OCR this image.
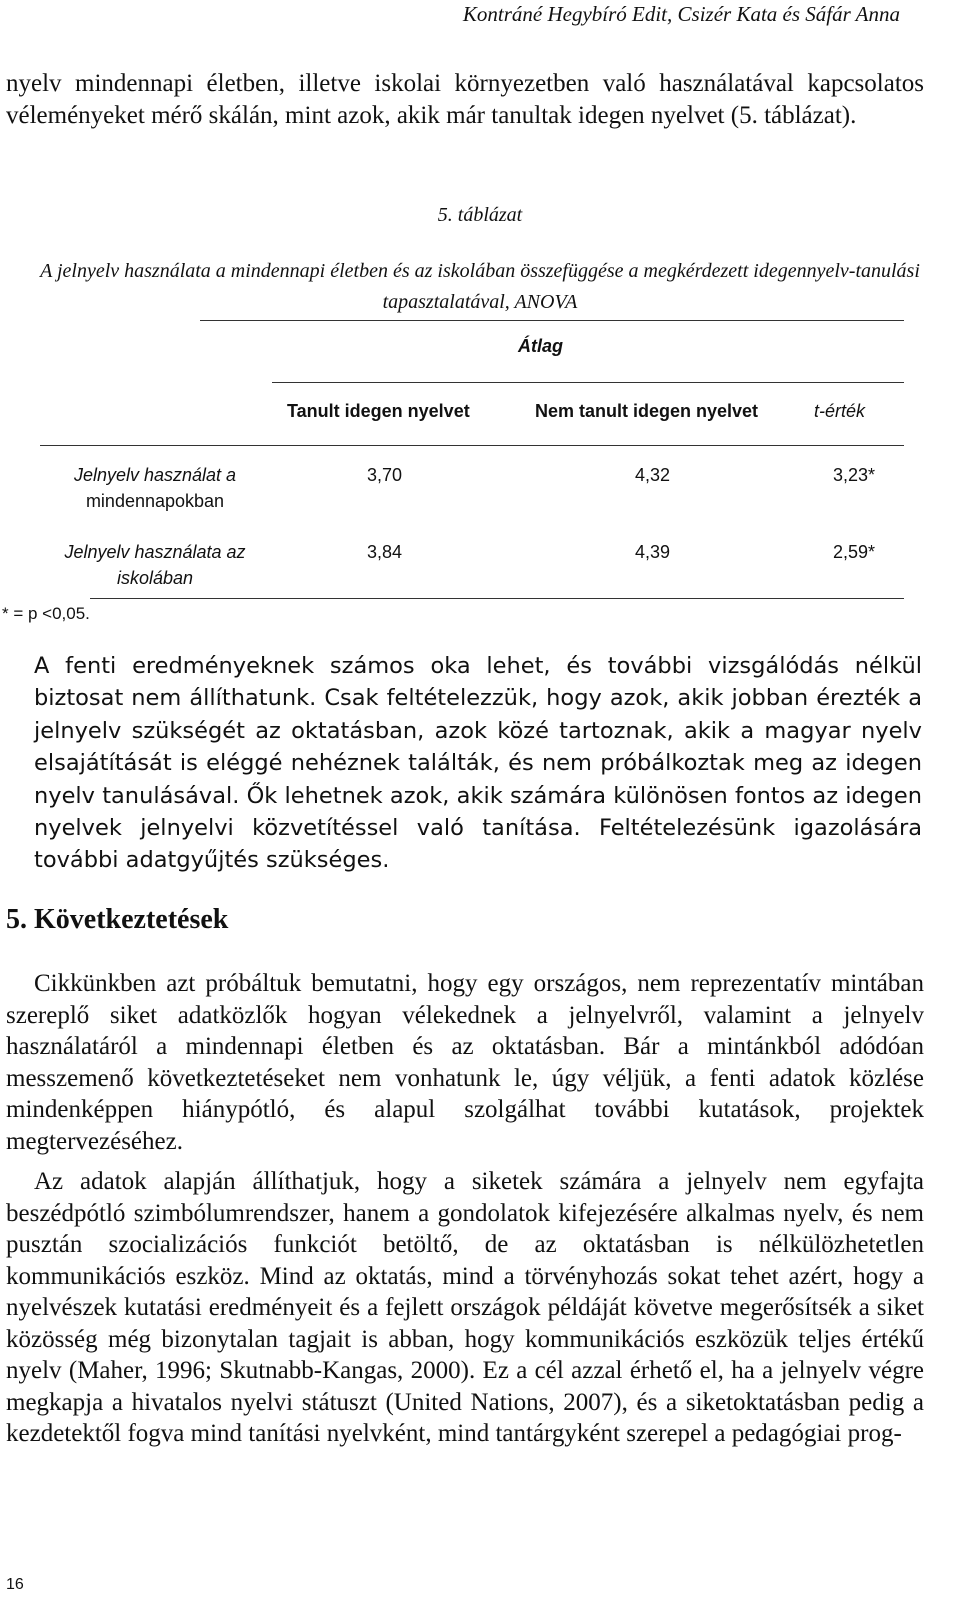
Kontráné Hegybíró Edit, Csizér Kata és Sáfár Anna

nyelv mindennapi életben, illetve iskolai környezetben való használatával kapcsolatos véleményeket mérő skálán, mint azok, akik már tanultak idegen nyelvet (5. táblázat).

5. táblázat
A jelnyelv használata a mindennapi életben és az iskolában összefüggése a megkérdezett idegennyelv-tanulási tapasztalatával, ANOVA
Átlag
Tanult idegen nyelvet	Nem tanult idegen nyelvet	t-érték
Jelnyelv használat a
mindennapokban
3,70	4,32	3,23*
Jelnyelv használata az
iskolában
3,84	4,39	2,59*
* = p <0,05.

A fenti eredményeknek számos oka lehet, és további vizsgálódás nélkül biztosat nem állíthatunk. Csak feltételezzük, hogy azok, akik jobban érezték a jelnyelv szükségét az oktatásban, azok közé tartoznak, akik a magyar nyelv elsajátítását is eléggé nehéznek találták, és nem próbálkoztak meg az idegen nyelv tanulásával. Ők lehetnek azok, akik számára különösen fontos az idegen nyelvek jelnyelvi közvetítéssel való tanítása. Feltételezésünk igazolására további adatgyűjtés szükséges.

5. Következtetések

Cikkünkben azt próbáltuk bemutatni, hogy egy országos, nem reprezentatív mintában szereplő siket adatközlők hogyan vélekednek a jelnyelvről, valamint a jelnyelv használatáról a mindennapi életben és az oktatásban. Bár a mintánkból adódóan messzemenő következtetéseket nem vonhatunk le, úgy véljük, a fenti adatok közlése mindenképpen hiánypótló, és alapul szolgálhat további kutatások, projektek megtervezéséhez.

Az adatok alapján állíthatjuk, hogy a siketek számára a jelnyelv nem egyfajta beszédpótló szimbólumrendszer, hanem a gondolatok kifejezésére alkalmas nyelv, és nem pusztán szocializációs funkciót betöltő, de az oktatásban is nélkülözhetetlen kommunikációs eszköz. Mind az oktatás, mind a törvényhozás sokat tehet azért, hogy a nyelvészek kutatási eredményeit és a fejlett országok példáját követve megerősítsék a siket közösség még bizonytalan tagjait is abban, hogy kommunikációs eszközük teljes értékű nyelv (Maher, 1996; Skutnabb-Kangas, 2000). Ez a cél azzal érhető el, ha a jelnyelv végre megkapja a hivatalos nyelvi státuszt (United Nations, 2007), és a siketoktatásban pedig a kezdetektől fogva mind tanítási nyelvként, mind tantárgyként szerepel a pedagógiai prog-

16
